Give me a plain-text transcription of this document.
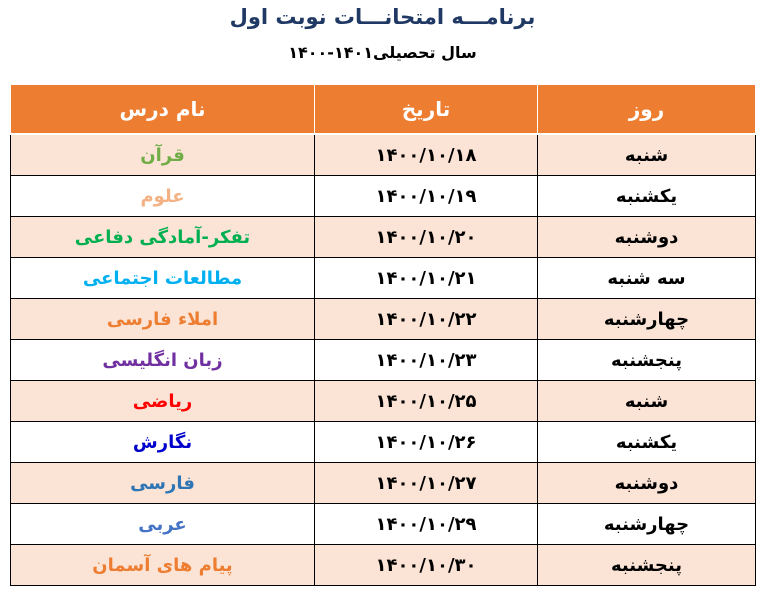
برنامـــه امتحانـــات نوبت اول
سال تحصیلی۱۴۰۱-۱۴۰۰
روز	تاریخ	نام درس
شنبه	۱۴۰۰/۱۰/۱۸	قرآن
یکشنبه	۱۴۰۰/۱۰/۱۹	علوم
دوشنبه	۱۴۰۰/۱۰/۲۰	تفکر-آمادگی دفاعی
سه شنبه	۱۴۰۰/۱۰/۲۱	مطالعات اجتماعی
چهارشنبه	۱۴۰۰/۱۰/۲۲	املاء فارسی
پنجشنبه	۱۴۰۰/۱۰/۲۳	زبان انگلیسی
شنبه	۱۴۰۰/۱۰/۲۵	ریاضی
یکشنبه	۱۴۰۰/۱۰/۲۶	نگارش
دوشنبه	۱۴۰۰/۱۰/۲۷	فارسی
چهارشنبه	۱۴۰۰/۱۰/۲۹	عربی
پنجشنبه	۱۴۰۰/۱۰/۳۰	پیام های آسمان
